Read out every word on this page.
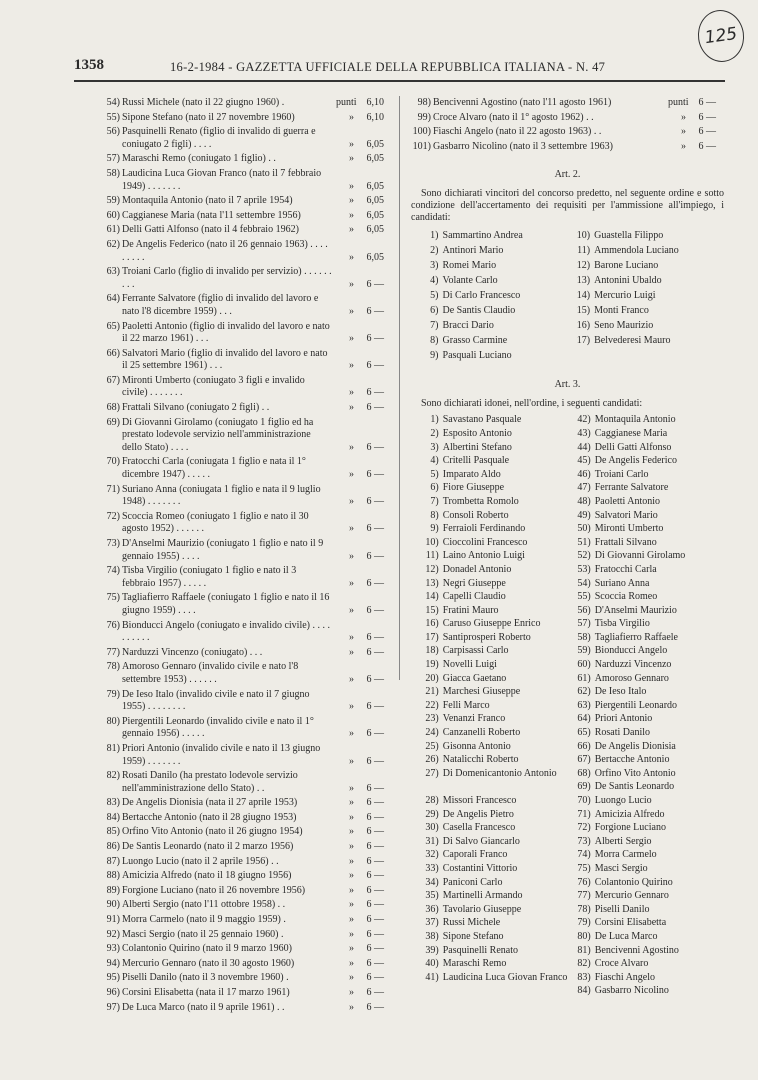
125
1358	16-2-1984 - GAZZETTA UFFICIALE DELLA REPUBBLICA ITALIANA - N. 47
54) Russi Michele (nato il 22 giugno 1960) .	punti 6,10
55) Sipone Stefano (nato il 27 novembre 1960)	» 6,10
56) Pasquinelli Renato (figlio di invalido di guerra e coniugato 2 figli) . . . .	» 6,05
57) Maraschi Remo (coniugato 1 figlio) . .	» 6,05
58) Laudicina Luca Giovan Franco (nato il 7 febbraio 1949) . . . . . . .	» 6,05
59) Montaquila Antonio (nato il 7 aprile 1954)	» 6,05
60) Caggianese Maria (nata l'11 settembre 1956)	» 6,05
61) Delli Gatti Alfonso (nato il 4 febbraio 1962)	» 6,05
62) De Angelis Federico (nato il 26 gennaio 1963) . . . . . . . . .	» 6,05
63) Troiani Carlo (figlio di invalido per servizio) . . . . . . . . .	» 6 —
64) Ferrante Salvatore (figlio di invalido del lavoro e nato l'8 dicembre 1959) . . .	» 6 —
65) Paoletti Antonio (figlio di invalido del lavoro e nato il 22 marzo 1961) . . .	» 6 —
66) Salvatori Mario (figlio di invalido del lavoro e nato il 25 settembre 1961) . . .	» 6 —
67) Mironti Umberto (coniugato 3 figli e invalido civile) . . . . . . .	» 6 —
68) Frattali Silvano (coniugato 2 figli) . .	» 6 —
69) Di Giovanni Girolamo (coniugato 1 figlio ed ha prestato lodevole servizio nell'amministrazione dello Stato) . . . .	» 6 —
70) Fratocchi Carla (coniugata 1 figlio e nata il 1° dicembre 1947) . . . . .	» 6 —
71) Suriano Anna (coniugata 1 figlio e nata il 9 luglio 1948) . . . . . . .	» 6 —
72) Scoccia Romeo (coniugato 1 figlio e nato il 30 agosto 1952) . . . . . .	» 6 —
73) D'Anselmi Maurizio (coniugato 1 figlio e nato il 9 gennaio 1955) . . . .	» 6 —
74) Tisba Virgilio (coniugato 1 figlio e nato il 3 febbraio 1957) . . . . .	» 6 —
75) Tagliafierro Raffaele (coniugato 1 figlio e nato il 16 giugno 1959) . . . .	» 6 —
76) Bionducci Angelo (coniugato e invalido civile) . . . . . . . . . .	» 6 —
77) Narduzzi Vincenzo (coniugato) . . .	» 6 —
78) Amoroso Gennaro (invalido civile e nato l'8 settembre 1953) . . . . . .	» 6 —
79) De Ieso Italo (invalido civile e nato il 7 giugno 1955) . . . . . . . .	» 6 —
80) Piergentili Leonardo (invalido civile e nato il 1° gennaio 1956) . . . . .	» 6 —
81) Priori Antonio (invalido civile e nato il 13 giugno 1959) . . . . . . .	» 6 —
82) Rosati Danilo (ha prestato lodevole servizio nell'amministrazione dello Stato) . .	» 6 —
83) De Angelis Dionisia (nata il 27 aprile 1953)	» 6 —
84) Bertacche Antonio (nato il 28 giugno 1953)	» 6 —
85) Orfino Vito Antonio (nato il 26 giugno 1954)	» 6 —
86) De Santis Leonardo (nato il 2 marzo 1956)	» 6 —
87) Luongo Lucio (nato il 2 aprile 1956) . .	» 6 —
88) Amicizia Alfredo (nato il 18 giugno 1956)	» 6 —
89) Forgione Luciano (nato il 26 novembre 1956)	» 6 —
90) Alberti Sergio (nato l'11 ottobre 1958) . .	» 6 —
91) Morra Carmelo (nato il 9 maggio 1959) .	» 6 —
92) Masci Sergio (nato il 25 gennaio 1960) .	» 6 —
93) Colantonio Quirino (nato il 9 marzo 1960)	» 6 —
94) Mercurio Gennaro (nato il 30 agosto 1960)	» 6 —
95) Piselli Danilo (nato il 3 novembre 1960) .	» 6 —
96) Corsini Elisabetta (nata il 17 marzo 1961)	» 6 —
97) De Luca Marco (nato il 9 aprile 1961) . .	» 6 —
98) Bencivenni Agostino (nato l'11 agosto 1961)	punti 6 —
99) Croce Alvaro (nato il 1° agosto 1962) . .	» 6 —
100) Fiaschi Angelo (nato il 22 agosto 1963) . .	» 6 —
101) Gasbarro Nicolino (nato il 3 settembre 1963)	» 6 —
Art. 2.
Sono dichiarati vincitori del concorso predetto, nel seguente ordine e sotto condizione dell'accertamento dei requisiti per l'ammissione all'impiego, i candidati:
1)	Sammartino Andrea	10)	Guastella Filippo
2)	Antinori Mario	11)	Ammendola Luciano
3)	Romei Mario	12)	Barone Luciano
4)	Volante Carlo	13)	Antonini Ubaldo
5)	Di Carlo Francesco	14)	Mercurio Luigi
6)	De Santis Claudio	15)	Monti Franco
7)	Bracci Dario	16)	Seno Maurizio
8)	Grasso Carmine	17)	Belvederesi Mauro
9)	Pasquali Luciano		
Art. 3.
Sono dichiarati idonei, nell'ordine, i seguenti candidati:
1)	Savastano Pasquale	42)	Montaquila Antonio
2)	Esposito Antonio	43)	Caggianese Maria
3)	Albertini Stefano	44)	Delli Gatti Alfonso
4)	Critelli Pasquale	45)	De Angelis Federico
5)	Imparato Aldo	46)	Troiani Carlo
6)	Fiore Giuseppe	47)	Ferrante Salvatore
7)	Trombetta Romolo	48)	Paoletti Antonio
8)	Consoli Roberto	49)	Salvatori Mario
9)	Ferraioli Ferdinando	50)	Mironti Umberto
10)	Cioccolini Francesco	51)	Frattali Silvano
11)	Laino Antonio Luigi	52)	Di Giovanni Girolamo
12)	Donadel Antonio	53)	Fratocchi Carla
13)	Negri Giuseppe	54)	Suriano Anna
14)	Capelli Claudio	55)	Scoccia Romeo
15)	Fratini Mauro	56)	D'Anselmi Maurizio
16)	Caruso Giuseppe Enrico	57)	Tisba Virgilio
17)	Santiprosperi Roberto	58)	Tagliafierro Raffaele
18)	Carpisassi Carlo	59)	Bionducci Angelo
19)	Novelli Luigi	60)	Narduzzi Vincenzo
20)	Giacca Gaetano	61)	Amoroso Gennaro
21)	Marchesi Giuseppe	62)	De Ieso Italo
22)	Felli Marco	63)	Piergentili Leonardo
23)	Venanzi Franco	64)	Priori Antonio
24)	Canzanelli Roberto	65)	Rosati Danilo
25)	Gisonna Antonio	66)	De Angelis Dionisia
26)	Natalicchi Roberto	67)	Bertacche Antonio
27)	Di Domenicantonio Antonio	68)	Orfino Vito Antonio
		69)	De Santis Leonardo
28)	Missori Francesco	70)	Luongo Lucio
29)	De Angelis Pietro	71)	Amicizia Alfredo
30)	Casella Francesco	72)	Forgione Luciano
31)	Di Salvo Giancarlo	73)	Alberti Sergio
32)	Caporali Franco	74)	Morra Carmelo
33)	Costantini Vittorio	75)	Masci Sergio
34)	Paniconi Carlo	76)	Colantonio Quirino
35)	Martinelli Armando	77)	Mercurio Gennaro
36)	Tavolario Giuseppe	78)	Piselli Danilo
37)	Russi Michele	79)	Corsini Elisabetta
38)	Sipone Stefano	80)	De Luca Marco
39)	Pasquinelli Renato	81)	Bencivenni Agostino
40)	Maraschi Remo	82)	Croce Alvaro
41)	Laudicina Luca Giovan Franco	83)	Fiaschi Angelo
		84)	Gasbarro Nicolino
